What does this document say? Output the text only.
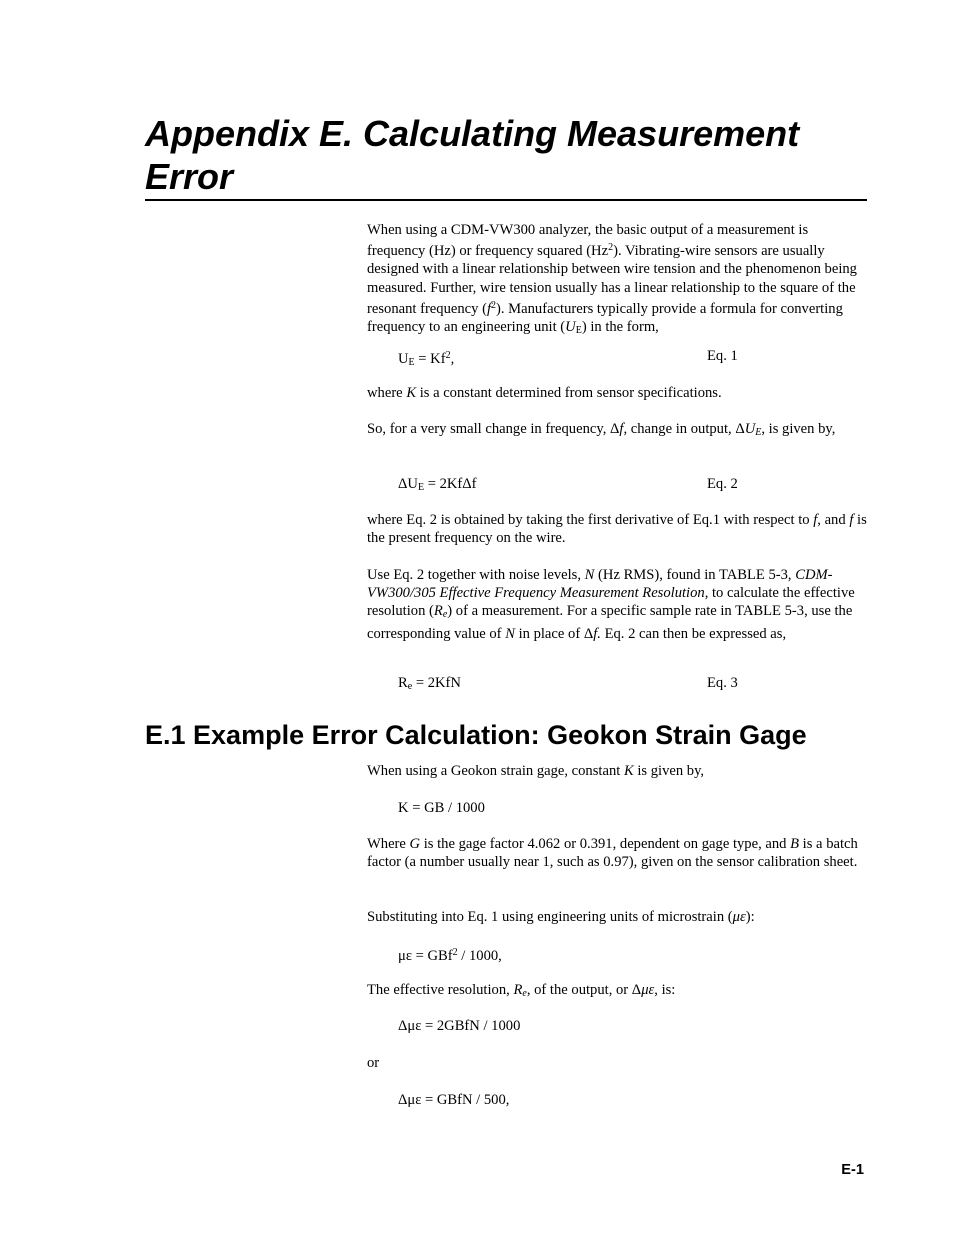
Appendix E. Calculating Measurement Error

When using a CDM-VW300 analyzer, the basic output of a measurement is frequency (Hz) or frequency squared (Hz$^2$). Vibrating-wire sensors are usually designed with a linear relationship between wire tension and the phenomenon being measured. Further, wire tension usually has a linear relationship to the square of the resonant frequency $(f^2)$. Manufacturers typically provide a formula for converting frequency to an engineering unit $(U_E)$ in the form,

$U_E = Kf^2$,	Eq. 1

where K is a constant determined from sensor specifications.

So, for a very small change in frequency, Δf, change in output, $\Delta U_E$, is given by,

$\Delta U_E = 2Kf\Delta f$	Eq. 2

where Eq. 2 is obtained by taking the first derivative of Eq.1 with respect to f, and f is the present frequency on the wire.

Use Eq. 2 together with noise levels, N (Hz RMS), found in TABLE 5-3, CDM-VW300/305 Effective Frequency Measurement Resolution, to calculate the effective resolution $(R_e)$ of a measurement. For a specific sample rate in TABLE 5-3, use the corresponding value of N in place of Δf. Eq. 2 can then be expressed as,

$R_e = 2KfN$	Eq. 3

E.1 Example Error Calculation: Geokon Strain Gage

When using a Geokon strain gage, constant K is given by,

K = GB / 1000

Where G is the gage factor 4.062 or 0.391, dependent on gage type, and B is a batch factor (a number usually near 1, such as 0.97), given on the sensor calibration sheet.

Substituting into Eq. 1 using engineering units of microstrain (με):

με = GBf$^2$ / 1000,

The effective resolution, $R_e$, of the output, or Δμε, is:

Δμε = 2GBfN / 1000

or

Δμε = GBfN / 500,

E-1
